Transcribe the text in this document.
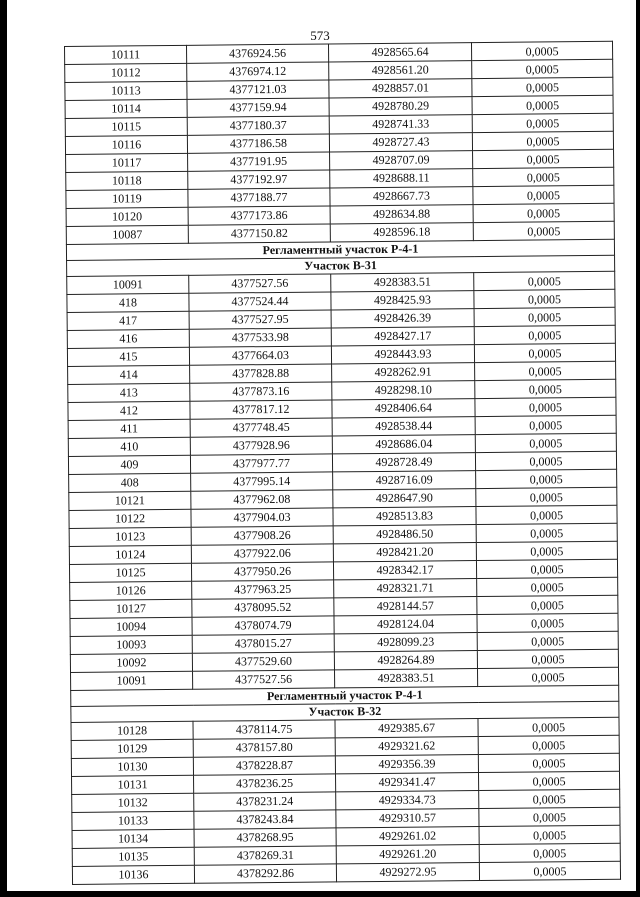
573
10111	4376924.56	4928565.64	0,0005
10112	4376974.12	4928561.20	0,0005
10113	4377121.03	4928857.01	0,0005
10114	4377159.94	4928780.29	0,0005
10115	4377180.37	4928741.33	0,0005
10116	4377186.58	4928727.43	0,0005
10117	4377191.95	4928707.09	0,0005
10118	4377192.97	4928688.11	0,0005
10119	4377188.77	4928667.73	0,0005
10120	4377173.86	4928634.88	0,0005
10087	4377150.82	4928596.18	0,0005
Регламентный участок Р-4-1			
Участок В-31			
10091	4377527.56	4928383.51	0,0005
418	4377524.44	4928425.93	0,0005
417	4377527.95	4928426.39	0,0005
416	4377533.98	4928427.17	0,0005
415	4377664.03	4928443.93	0,0005
414	4377828.88	4928262.91	0,0005
413	4377873.16	4928298.10	0,0005
412	4377817.12	4928406.64	0,0005
411	4377748.45	4928538.44	0,0005
410	4377928.96	4928686.04	0,0005
409	4377977.77	4928728.49	0,0005
408	4377995.14	4928716.09	0,0005
10121	4377962.08	4928647.90	0,0005
10122	4377904.03	4928513.83	0,0005
10123	4377908.26	4928486.50	0,0005
10124	4377922.06	4928421.20	0,0005
10125	4377950.26	4928342.17	0,0005
10126	4377963.25	4928321.71	0,0005
10127	4378095.52	4928144.57	0,0005
10094	4378074.79	4928124.04	0,0005
10093	4378015.27	4928099.23	0,0005
10092	4377529.60	4928264.89	0,0005
10091	4377527.56	4928383.51	0,0005
Регламентный участок Р-4-1			
Участок В-32			
10128	4378114.75	4929385.67	0,0005
10129	4378157.80	4929321.62	0,0005
10130	4378228.87	4929356.39	0,0005
10131	4378236.25	4929341.47	0,0005
10132	4378231.24	4929334.73	0,0005
10133	4378243.84	4929310.57	0,0005
10134	4378268.95	4929261.02	0,0005
10135	4378269.31	4929261.20	0,0005
10136	4378292.86	4929272.95	0,0005
